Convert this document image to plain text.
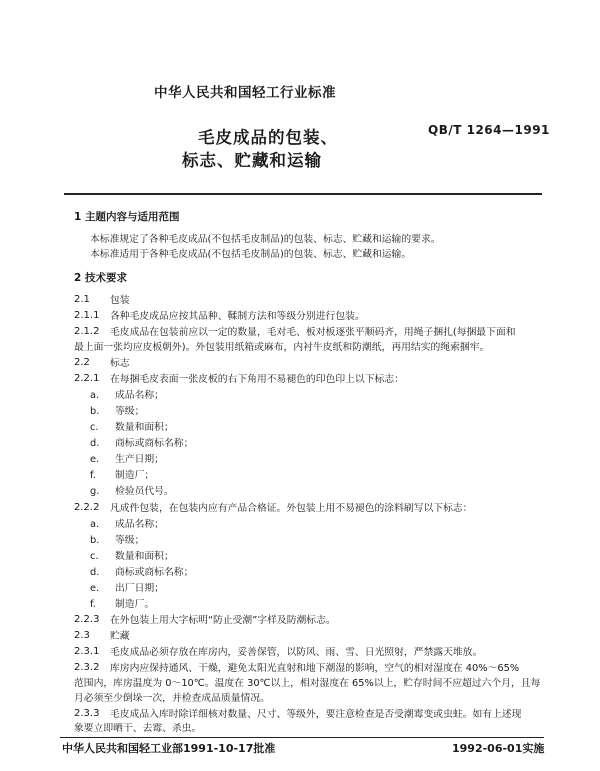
中华人民共和国轻工行业标准
毛皮成品的包装、
标志、贮藏和运输
QB/T 1264—1991
1 主题内容与适用范围
本标准规定了各种毛皮成品(不包括毛皮制品)的包装、标志、贮藏和运输的要求。
本标准适用于各种毛皮成品(不包括毛皮制品)的包装、标志、贮藏和运输。
2 技术要求
2.1 包装
2.1.1 各种毛皮成品应按其品种、鞣制方法和等级分别进行包装。
2.1.2 毛皮成品在包装前应以一定的数量，毛对毛、板对板逐张平顺码齐，用绳子捆扎(每捆最下面和
最上面一张均应皮板朝外)。外包装用纸箱或麻布，内衬牛皮纸和防潮纸，再用结实的绳索捆牢。
2.2 标志
2.2.1 在每捆毛皮表面一张皮板的右下角用不易褪色的印色印上以下标志：
a. 成品名称；
b. 等级；
c. 数量和面积；
d. 商标或商标名称；
e. 生产日期；
f. 制造厂；
g. 检验员代号。
2.2.2 凡成件包装，在包装内应有产品合格证。外包装上用不易褪色的涂料刷写以下标志：
a. 成品名称；
b. 等级；
c. 数量和面积；
d. 商标或商标名称；
e. 出厂日期；
f. 制造厂。
2.2.3 在外包装上用大字标明“防止受潮”字样及防潮标志。
2.3 贮藏
2.3.1 毛皮成品必须存放在库房内，妥善保管，以防风、雨、雪、日光照射，严禁露天堆放。
2.3.2 库房内应保持通风、干燥，避免太阳光直射和地下潮湿的影响，空气的相对湿度在 40%～65%
范围内，库房温度为 0～10℃。温度在 30℃以上，相对湿度在 65%以上，贮存时间不应超过六个月，且每
月必须至少倒垛一次，并检查成品质量情况。
2.3.3 毛皮成品入库时除详细核对数量、尺寸、等级外，要注意检查是否受潮霉变或虫蛀。如有上述现
象要立即晒干、去霉、杀虫。
中华人民共和国轻工业部1991-10-17批准	1992-06-01实施
